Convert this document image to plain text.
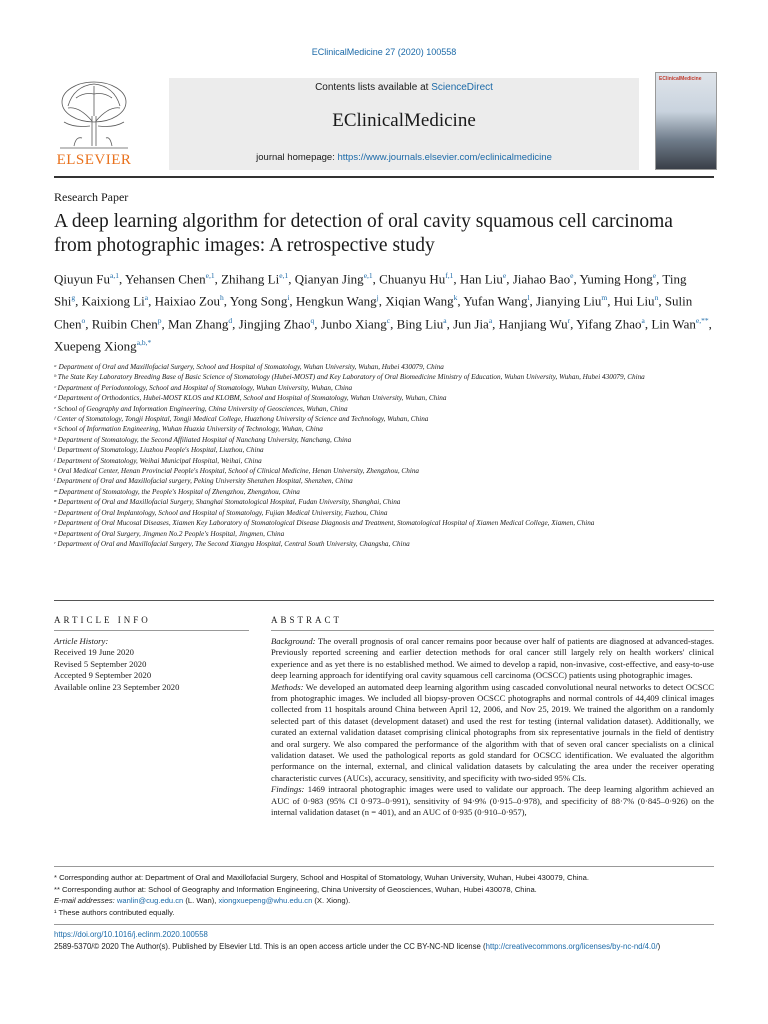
EClinicalMedicine 27 (2020) 100558
Contents lists available at ScienceDirect
EClinicalMedicine
journal homepage: https://www.journals.elsevier.com/eclinicalmedicine
ELSEVIER
EClinicalMedicine
Research Paper
A deep learning algorithm for detection of oral cavity squamous cell carcinoma from photographic images: A retrospective study
Qiuyun Fu$^{a,1}$, Yehansen Chen$^{e,1}$, Zhihang Li$^{e,1}$, Qianyan Jing$^{e,1}$, Chuanyu Hu$^{f,1}$, Han Liu$^e$, Jiahao Bao$^e$, Yuming Hong$^e$, Ting Shi$^g$, Kaixiong Li$^a$, Haixiao Zou$^h$, Yong Song$^i$, Hengkun Wang$^j$, Xiqian Wang$^k$, Yufan Wang$^l$, Jianying Liu$^m$, Hui Liu$^n$, Sulin Chen$^o$, Ruibin Chen$^p$, Man Zhang$^d$, Jingjing Zhao$^q$, Junbo Xiang$^c$, Bing Liu$^a$, Jun Jia$^a$, Hanjiang Wu$^r$, Yifang Zhao$^a$, Lin Wan$^{e,**}$, Xuepeng Xiong$^{a,b,*}$
ᵃ Department of Oral and Maxillofacial Surgery, School and Hospital of Stomatology, Wuhan University, Wuhan, Hubei 430079, China
ᵇ The State Key Laboratory Breeding Base of Basic Science of Stomatology (Hubei-MOST) and Key Laboratory of Oral Biomedicine Ministry of Education, Wuhan University, Wuhan, Hubei 430079, China
ᶜ Department of Periodontology, School and Hospital of Stomatology, Wuhan University, Wuhan, China
ᵈ Department of Orthodontics, Hubei-MOST KLOS and KLOBM, School and Hospital of Stomatology, Wuhan University, Wuhan, China
ᵉ School of Geography and Information Engineering, China University of Geosciences, Wuhan, China
ᶠ Center of Stomatology, Tongji Hospital, Tongji Medical College, Huazhong University of Science and Technology, Wuhan, China
ᵍ School of Information Engineering, Wuhan Huaxia University of Technology, Wuhan, China
ʰ Department of Stomatology, the Second Affiliated Hospital of Nanchang University, Nanchang, China
ⁱ Department of Stomatology, Liuzhou People's Hospital, Liuzhou, China
ʲ Department of Stomatology, Weihai Municipal Hospital, Weihai, China
ᵏ Oral Medical Center, Henan Provincial People's Hospital, School of Clinical Medicine, Henan University, Zhengzhou, China
ˡ Department of Oral and Maxillofacial surgery, Peking University Shenzhen Hospital, Shenzhen, China
ᵐ Department of Stomatology, the People's Hospital of Zhengzhou, Zhengzhou, China
ⁿ Department of Oral and Maxillofacial Surgery, Shanghai Stomatological Hospital, Fudan University, Shanghai, China
ᵒ Department of Oral Implantology, School and Hospital of Stomatology, Fujian Medical University, Fuzhou, China
ᵖ Department of Oral Mucosal Diseases, Xiamen Key Laboratory of Stomatological Disease Diagnosis and Treatment, Stomatological Hospital of Xiamen Medical College, Xiamen, China
ᵠ Department of Oral Surgery, Jingmen No.2 People's Hospital, Jingmen, China
ʳ Department of Oral and Maxillofacial Surgery, The Second Xiangya Hospital, Central South University, Changsha, China
ARTICLE INFO	ABSTRACT
Article History:
Received 19 June 2020
Revised 5 September 2020
Accepted 9 September 2020
Available online 23 September 2020

Background: The overall prognosis of oral cancer remains poor because over half of patients are diagnosed at advanced-stages. Previously reported screening and earlier detection methods for oral cancer still largely rely on health workers' clinical experience and as yet there is no established method. We aimed to develop a rapid, non-invasive, cost-effective, and easy-to-use deep learning approach for identifying oral cavity squamous cell carcinoma (OCSCC) patients using photographic images.

Methods: We developed an automated deep learning algorithm using cascaded convolutional neural networks to detect OCSCC from photographic images. We included all biopsy-proven OCSCC photographs and normal controls of 44,409 clinical images collected from 11 hospitals around China between April 12, 2006, and Nov 25, 2019. We trained the algorithm on a randomly selected part of this dataset (development dataset) and used the rest for testing (internal validation dataset). Additionally, we curated an external validation dataset comprising clinical photographs from six representative journals in the field of dentistry and oral surgery. We also compared the performance of the algorithm with that of seven oral cancer specialists on a clinical validation dataset. We used the pathological reports as gold standard for OCSCC identification. We evaluated the algorithm performance on the internal, external, and clinical validation datasets by calculating the area under the receiver operating characteristic curves (AUCs), accuracy, sensitivity, and specificity with two-sided 95% CIs.

Findings: 1469 intraoral photographic images were used to validate our approach. The deep learning algorithm achieved an AUC of 0·983 (95% CI 0·973–0·991), sensitivity of 94·9% (0·915–0·978), and specificity of 88·7% (0·845–0·926) on the internal validation dataset (n = 401), and an AUC of 0·935 (0·910–0·957),

* Corresponding author at: Department of Oral and Maxillofacial Surgery, School and Hospital of Stomatology, Wuhan University, Wuhan, Hubei 430079, China.
** Corresponding author at: School of Geography and Information Engineering, China University of Geosciences, Wuhan, Hubei 430078, China.
E-mail addresses: wanlin@cug.edu.cn (L. Wan), xiongxuepeng@whu.edu.cn (X. Xiong).
¹ These authors contributed equally.
https://doi.org/10.1016/j.eclinm.2020.100558
2589-5370/© 2020 The Author(s). Published by Elsevier Ltd. This is an open access article under the CC BY-NC-ND license (http://creativecommons.org/licenses/by-nc-nd/4.0/)
